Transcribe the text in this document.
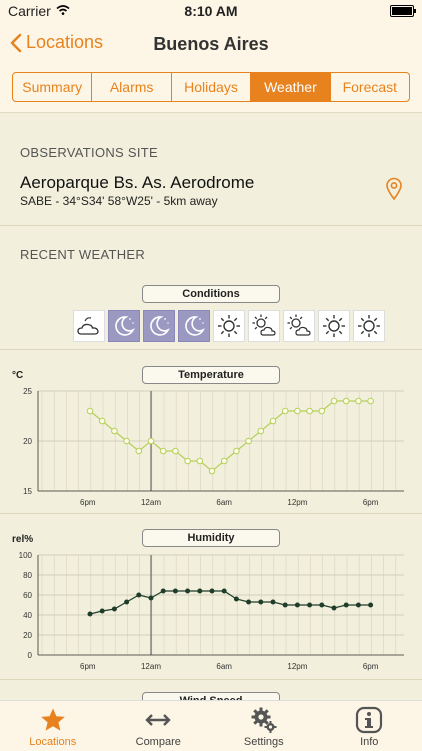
Carrier	8:10 AM
Locations	Buenos Aires
Summary	Alarms	Holidays	Weather	Forecast
OBSERVATIONS SITE
Aeroparque Bs. As. Aerodrome
SABE - 34°S34' 58°W25' - 5km away
RECENT WEATHER
Conditions
°C	Temperature
15
20
25
6pm	12am	6am	12pm	6pm
rel%	Humidity
0
20
40
60
80
100
6pm	12am	6am	12pm	6pm
Locations	Compare	Settings	Info
